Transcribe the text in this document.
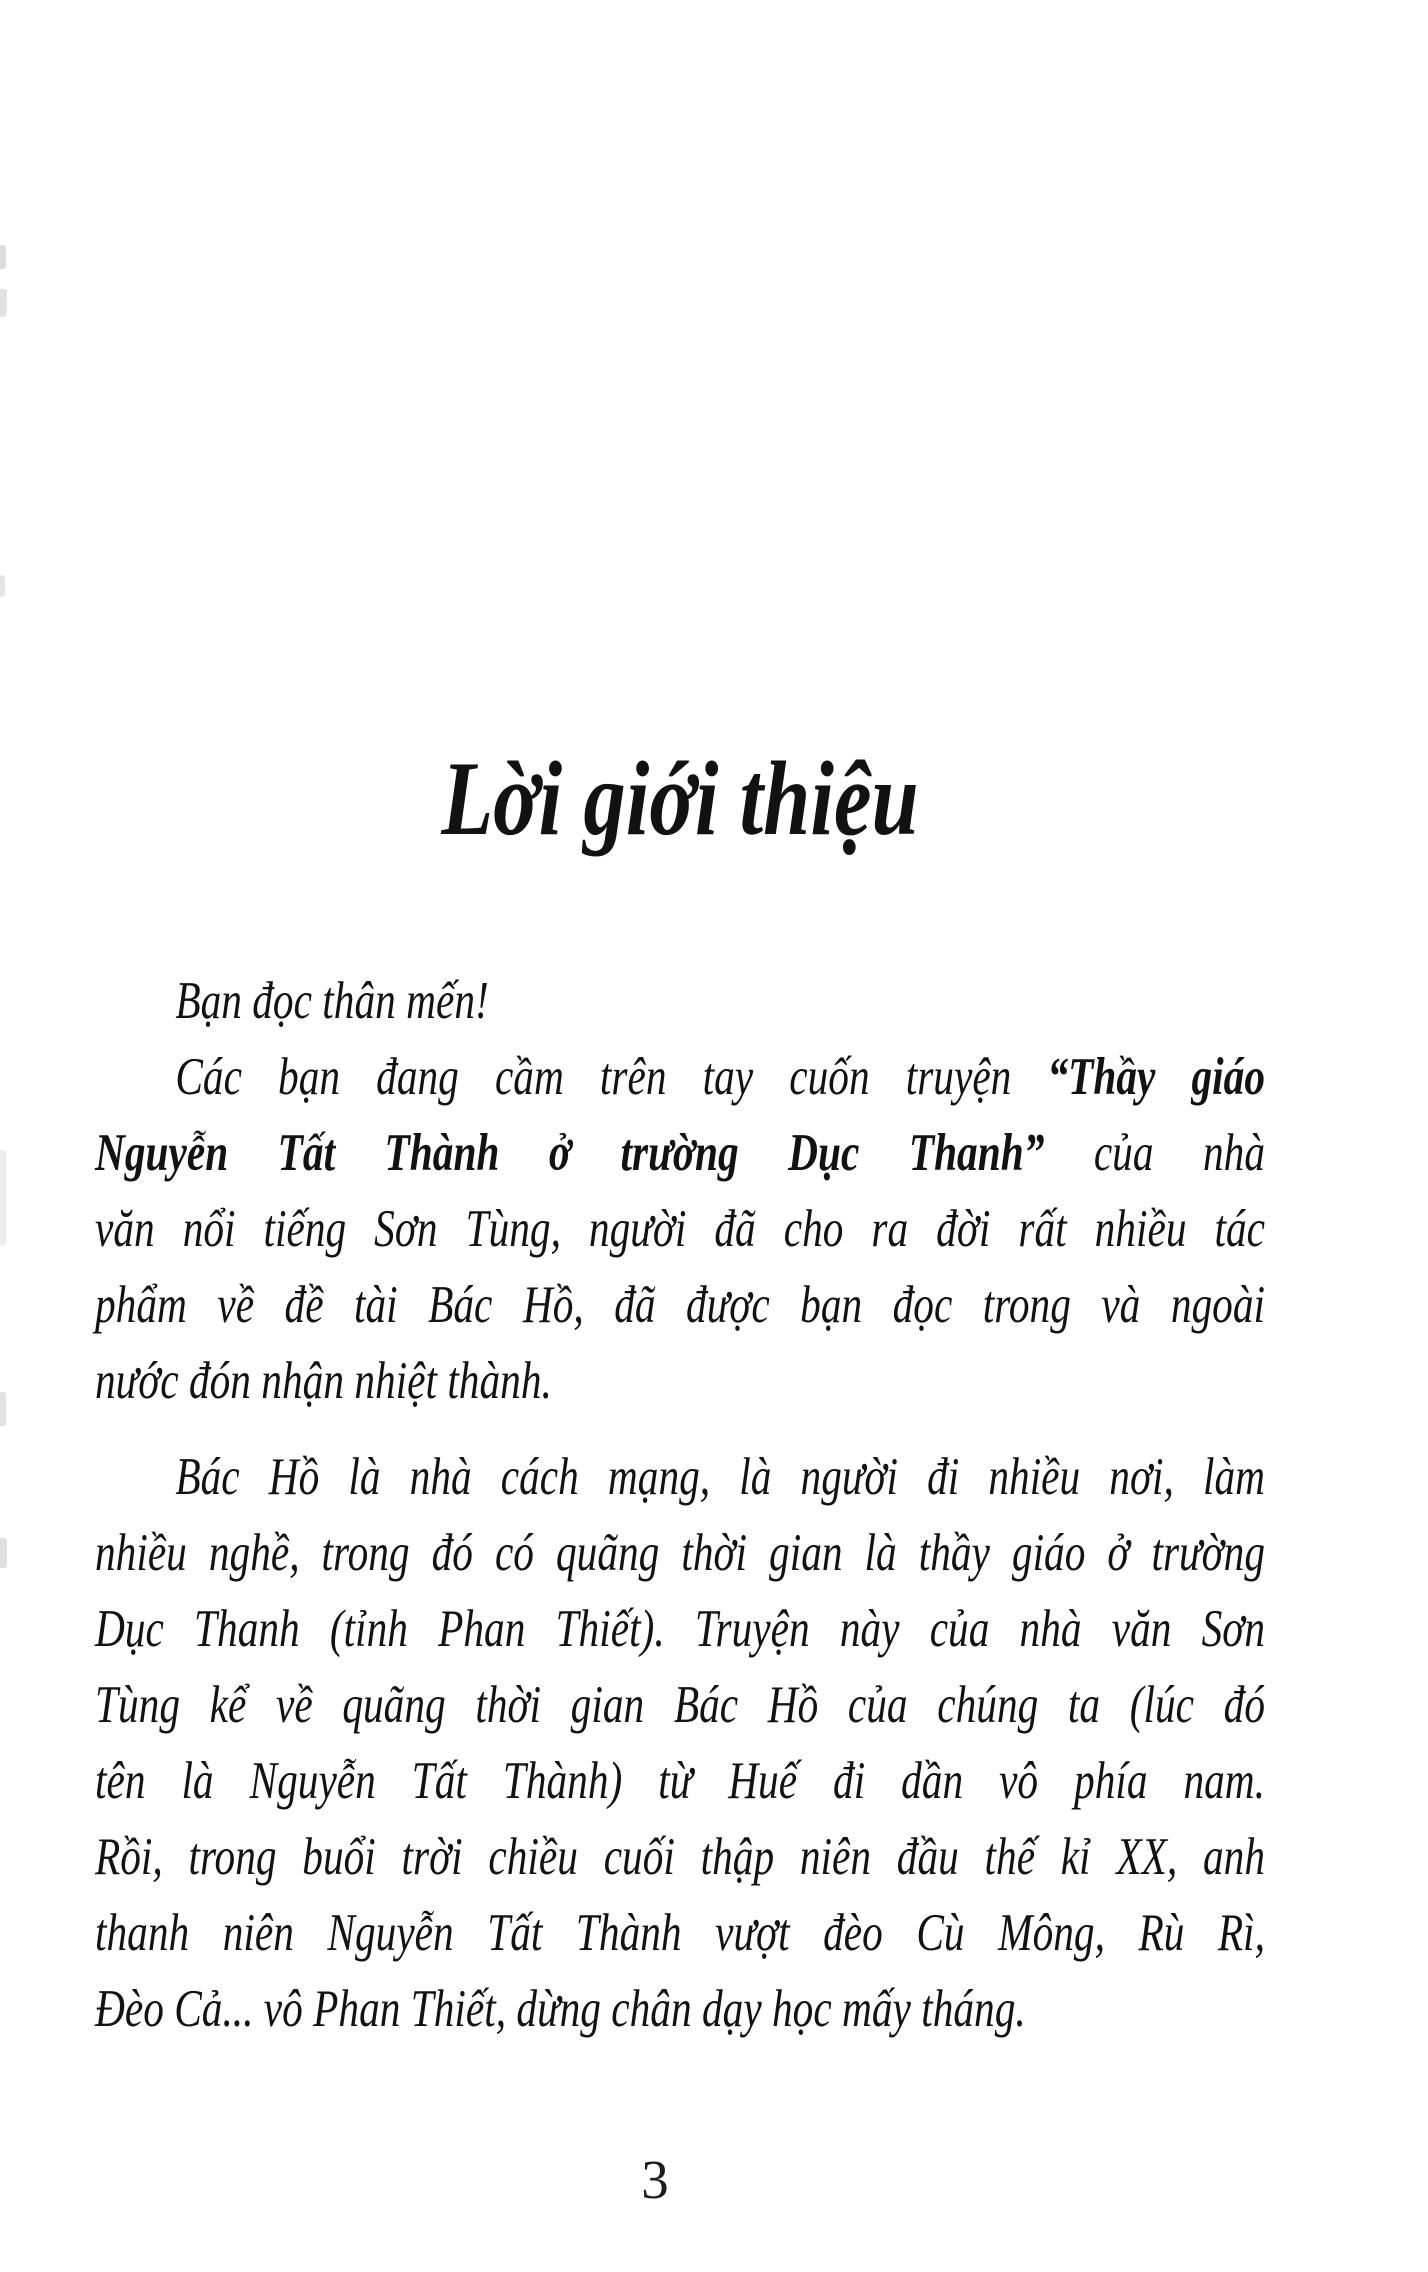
Lời giới thiệu
Bạn đọc thân mến!
Các bạn đang cầm trên tay cuốn truyện “Thầy giáo
Nguyễn Tất Thành ở trường Dục Thanh” của nhà
văn nổi tiếng Sơn Tùng, người đã cho ra đời rất nhiều tác
phẩm về đề tài Bác Hồ, đã được bạn đọc trong và ngoài
nước đón nhận nhiệt thành.
Bác Hồ là nhà cách mạng, là người đi nhiều nơi, làm
nhiều nghề, trong đó có quãng thời gian là thầy giáo ở trường
Dục Thanh (tỉnh Phan Thiết). Truyện này của nhà văn Sơn
Tùng kể về quãng thời gian Bác Hồ của chúng ta (lúc đó
tên là Nguyễn Tất Thành) từ Huế đi dần vô phía nam.
Rồi, trong buổi trời chiều cuối thập niên đầu thế kỉ XX, anh
thanh niên Nguyễn Tất Thành vượt đèo Cù Mông, Rù Rì,
Đèo Cả... vô Phan Thiết, dừng chân dạy học mấy tháng.
3
